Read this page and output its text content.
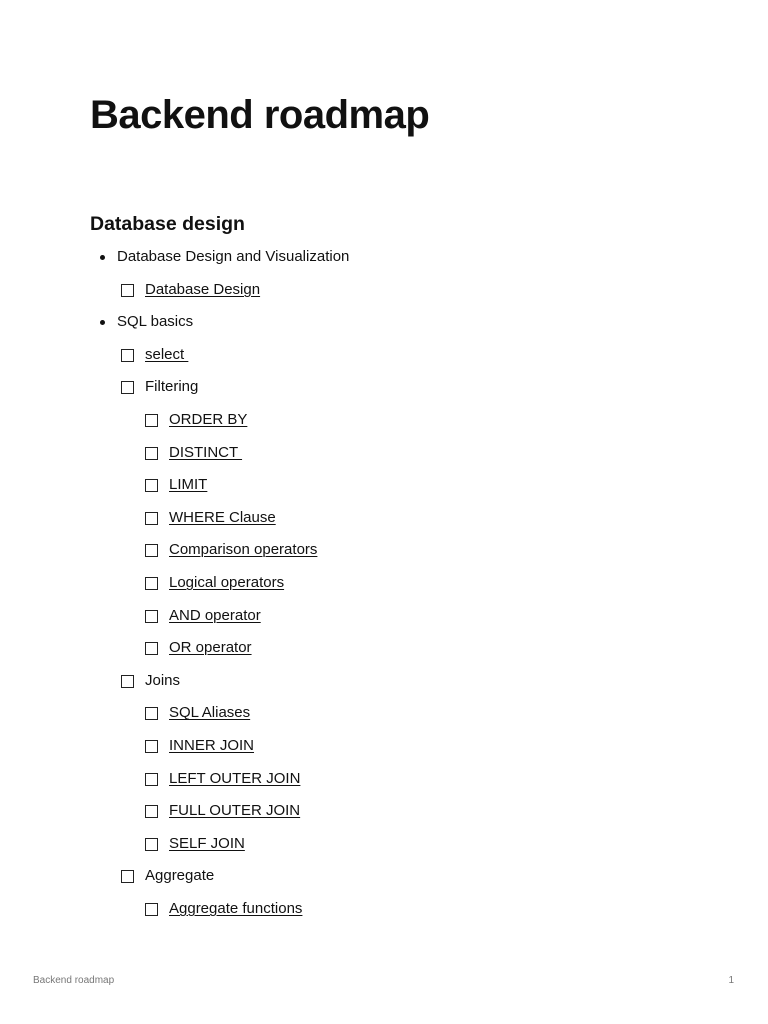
Backend roadmap
Database design
Database Design and Visualization
Database Design
SQL basics
select
Filtering
ORDER BY
DISTINCT
LIMIT
WHERE Clause
Comparison operators
Logical operators
AND operator
OR operator
Joins
SQL Aliases
INNER JOIN
LEFT OUTER JOIN
FULL OUTER JOIN
SELF JOIN
Aggregate
Aggregate functions
Backend roadmap	1
